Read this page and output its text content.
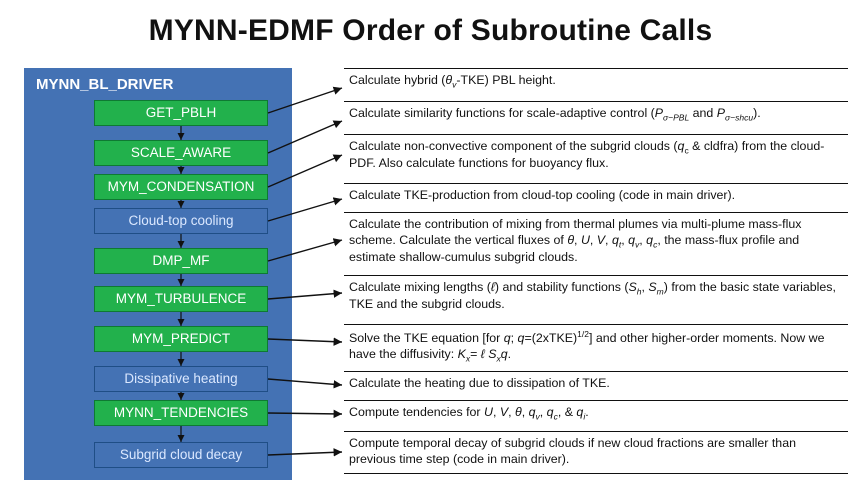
MYNN-EDMF Order of Subroutine Calls
MYNN_BL_DRIVER
GET_PBLH
SCALE_AWARE
MYM_CONDENSATION
Cloud-top cooling
DMP_MF
MYM_TURBULENCE
MYM_PREDICT
Dissipative heating
MYNN_TENDENCIES
Subgrid cloud decay
Calculate hybrid $(\theta_v-TKE)$ PBL height.
Calculate similarity functions for scale-adaptive control ($P_{\sigma-PBL}$ and $P_{\sigma-shcu}$).
Calculate non-convective component of the subgrid clouds ($q_c$ & cldfra) from the cloud-PDF. Also calculate functions for buoyancy flux.
Calculate TKE-production from cloud-top cooling (code in main driver).
Calculate the contribution of mixing from thermal plumes via multi-plume mass-flux scheme. Calculate the vertical fluxes of θ, U, V, $q_t$, $q_v$, $q_c$, the mass-flux profile and estimate shallow-cumulus subgrid clouds.
Calculate mixing lengths (ℓ) and stability functions ($S_h$, $S_m$) from the basic state variables, TKE and the subgrid clouds.
Solve the TKE equation [for q; q=(2xTKE)$^{1/2}$] and other higher-order moments. Now we have the diffusivity: $K_x=$ ℓ $S_xq$.
Calculate the heating due to dissipation of TKE.
Compute tendencies for U, V, θ, $q_v$, $q_c$, & $q_i$.
Compute temporal decay of subgrid clouds if new cloud fractions are smaller than previous time step (code in main driver).
